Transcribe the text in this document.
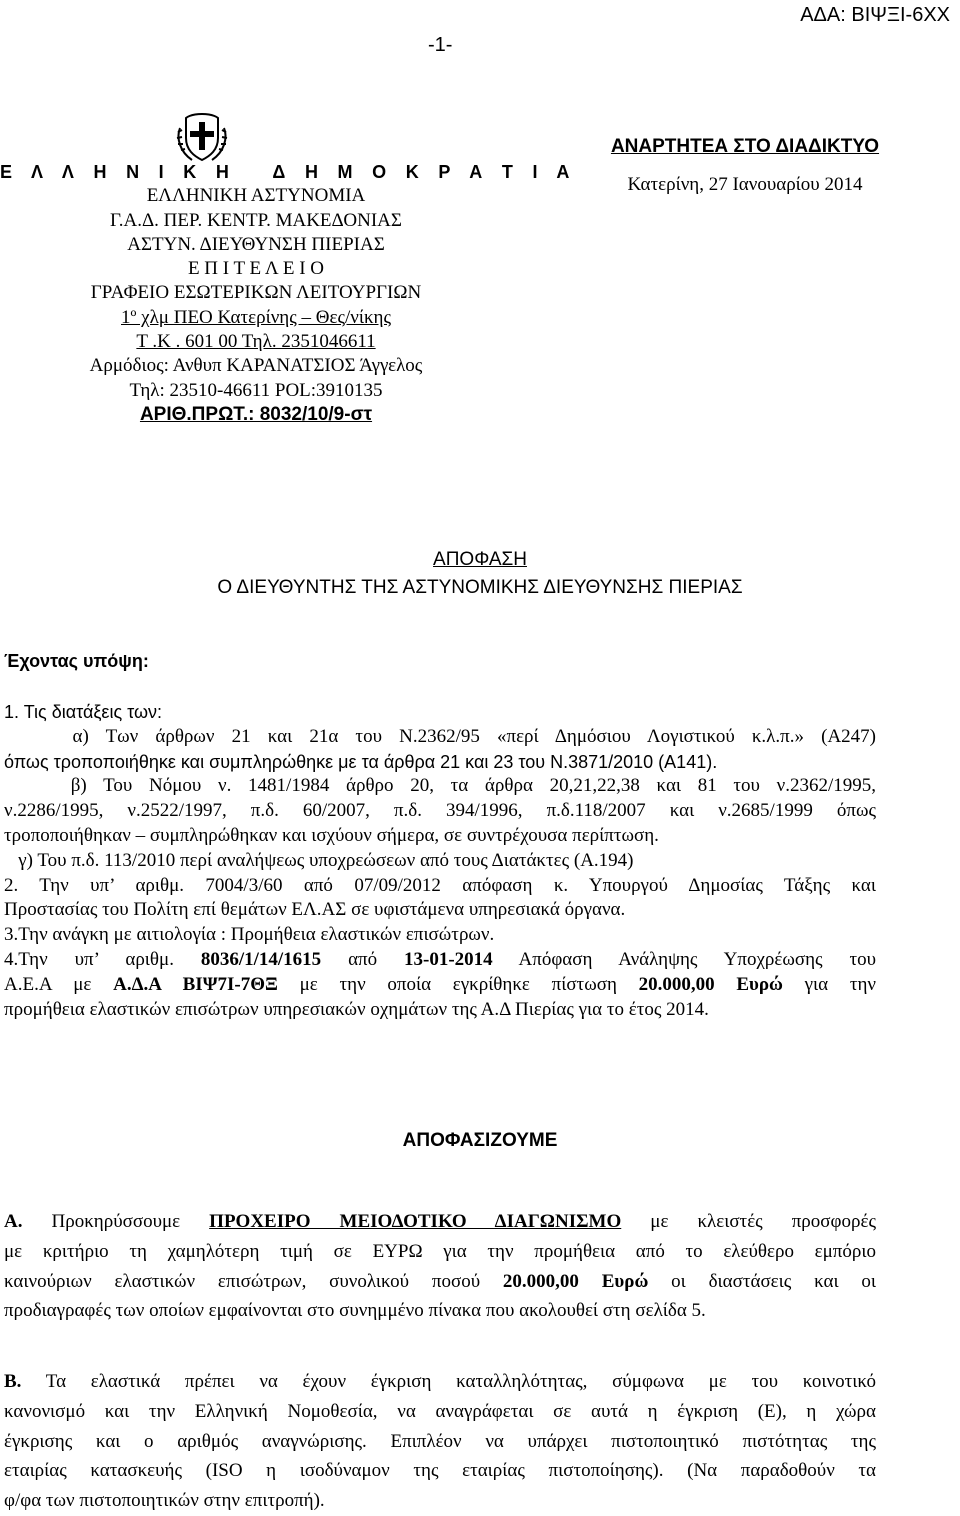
ΑΔΑ: ΒΙΨΞΙ-6ΧΧ
-1-
Ε Λ Λ Η Ν Ι Κ Η   Δ Η Μ Ο Κ Ρ Α Τ Ι Α
ΕΛΛΗΝΙΚΗ ΑΣΤΥΝΟΜΙΑ
Γ.Α.Δ. ΠΕΡ. ΚΕΝΤΡ. ΜΑΚΕΔΟΝΙΑΣ
ΑΣΤΥΝ. ΔΙΕΥΘΥΝΣΗ ΠΙΕΡΙΑΣ
Ε Π Ι Τ Ε Λ Ε Ι Ο
ΓΡΑΦΕΙΟ ΕΣΩΤΕΡΙΚΩΝ ΛΕΙΤΟΥΡΓΙΩΝ
1º χλμ ΠΕΟ Κατερίνης – Θες/νίκης
Τ .Κ . 601 00 Τηλ. 2351046611
Αρμόδιος: Ανθυπ ΚΑΡΑΝΑΤΣΙΟΣ Άγγελος
Τηλ: 23510-46611 POL:3910135
ΑΡΙΘ.ΠΡΩΤ.: 8032/10/9-στ
ΑΝΑΡΤΗΤΕΑ ΣΤΟ ΔΙΑΔΙΚΤΥΟ
Κατερίνη, 27 Ιανουαρίου 2014
ΑΠΟΦΑΣΗ
Ο ΔΙΕΥΘΥΝΤΗΣ ΤΗΣ ΑΣΤΥΝΟΜΙΚΗΣ ΔΙΕΥΘΥΝΣΗΣ ΠΙΕΡΙΑΣ
Έχοντας υπόψη:
1. Τις διατάξεις των:
α) Των άρθρων 21 και 21α του Ν.2362/95 «περί Δημόσιου Λογιστικού κ.λ.π.» (Α247)
όπως τροποποιήθηκε και συμπληρώθηκε με τα άρθρα 21 και 23 του Ν.3871/2010 (Α141).
β) Του Νόμου ν. 1481/1984 άρθρο 20, τα άρθρα 20,21,22,38 και 81 του ν.2362/1995,
ν.2286/1995, ν.2522/1997, π.δ. 60/2007, π.δ. 394/1996, π.δ.118/2007 και ν.2685/1999 όπως
τροποποιήθηκαν – συμπληρώθηκαν και ισχύουν σήμερα, σε συντρέχουσα περίπτωση.
γ) Του π.δ. 113/2010 περί αναλήψεως υποχρεώσεων από τους Διατάκτες (Α.194)
2. Την υπ’ αριθμ. 7004/3/60 από 07/09/2012 απόφαση κ. Υπουργού Δημοσίας Τάξης και
Προστασίας του Πολίτη επί θεμάτων ΕΛ.ΑΣ σε υφιστάμενα υπηρεσιακά όργανα.
3.Την ανάγκη με αιτιολογία : Προμήθεια ελαστικών επισώτρων.
4.Την υπ’ αριθμ. 8036/1/14/1615 από 13-01-2014 Απόφαση Ανάληψης Υποχρέωσης του
Α.Ε.Α με Α.Δ.Α ΒΙΨ7Ι-7ΘΞ με την οποία εγκρίθηκε πίστωση 20.000,00 Ευρώ για την
προμήθεια ελαστικών επισώτρων υπηρεσιακών οχημάτων της Α.Δ Πιερίας για το έτος 2014.
ΑΠΟΦΑΣΙΖΟΥΜΕ
Α. Προκηρύσσουμε ΠΡΟΧΕΙΡΟ ΜΕΙΟΔΟΤΙΚΟ ΔΙΑΓΩΝΙΣΜΟ με κλειστές προσφορές
με κριτήριο τη χαμηλότερη τιμή σε ΕΥΡΩ για την προμήθεια από το ελεύθερο εμπόριο
καινούριων ελαστικών επισώτρων, συνολικού ποσού 20.000,00 Ευρώ οι διαστάσεις και οι
προδιαγραφές των οποίων εμφαίνονται στο συνημμένο πίνακα που ακολουθεί στη σελίδα 5.
Β. Τα ελαστικά πρέπει να έχουν έγκριση καταλληλότητας, σύμφωνα με του κοινοτικό
κανονισμό και την Ελληνική Νομοθεσία, να αναγράφεται σε αυτά η έγκριση (Ε), η χώρα
έγκρισης και ο αριθμός αναγνώρισης. Επιπλέον να υπάρχει πιστοποιητικό πιστότητας της
εταιρίας κατασκευής (ISO η ισοδύναμον της εταιρίας πιστοποίησης). (Να παραδοθούν τα
φ/φα των πιστοποιητικών στην επιτροπή).
